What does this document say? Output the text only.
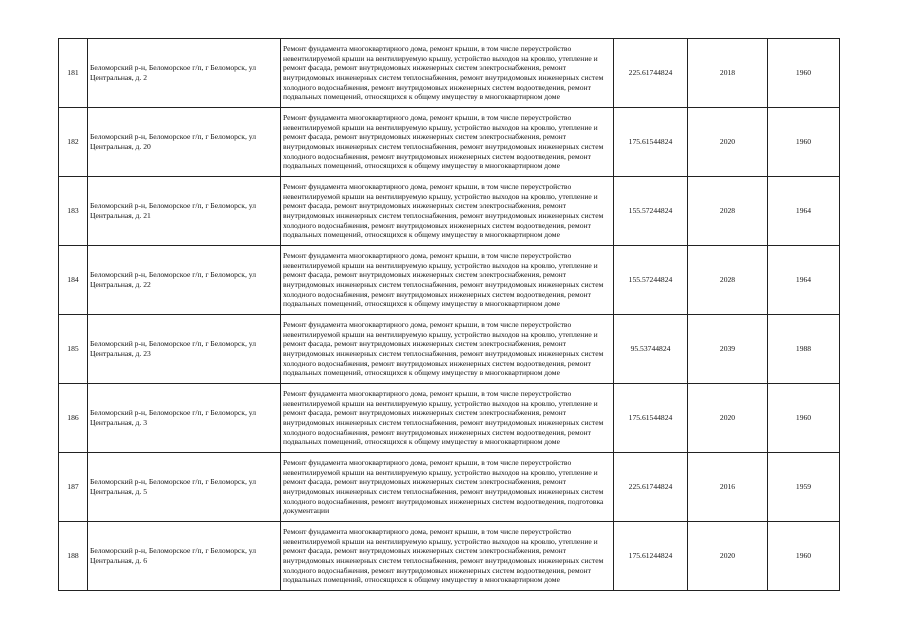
181	Беломорский р-н, Беломорское г/п, г Беломорск, ул Центральная, д. 2	Ремонт фундамента многоквартирного дома, ремонт крыши, в том числе переустройство невентилируемой крыши на вентилируемую крышу, устройство выходов на кровлю, утепление и ремонт фасада, ремонт внутридомовых инженерных систем электроснабжения, ремонт внутридомовых инженерных систем теплоснабжения, ремонт внутридомовых инженерных систем холодного водоснабжения, ремонт внутридомовых инженерных систем водоотведения, ремонт подвальных помещений, относящихся к общему имуществу в многоквартирном доме	225.61744824	2018	1960
182	Беломорский р-н, Беломорское г/п, г Беломорск, ул Центральная, д. 20	Ремонт фундамента многоквартирного дома, ремонт крыши, в том числе переустройство невентилируемой крыши на вентилируемую крышу, устройство выходов на кровлю, утепление и ремонт фасада, ремонт внутридомовых инженерных систем электроснабжения, ремонт внутридомовых инженерных систем теплоснабжения, ремонт внутридомовых инженерных систем холодного водоснабжения, ремонт внутридомовых инженерных систем водоотведения, ремонт подвальных помещений, относящихся к общему имуществу в многоквартирном доме	175.61544824	2020	1960
183	Беломорский р-н, Беломорское г/п, г Беломорск, ул Центральная, д. 21	Ремонт фундамента многоквартирного дома, ремонт крыши, в том числе переустройство невентилируемой крыши на вентилируемую крышу, устройство выходов на кровлю, утепление и ремонт фасада, ремонт внутридомовых инженерных систем электроснабжения, ремонт внутридомовых инженерных систем теплоснабжения, ремонт внутридомовых инженерных систем холодного водоснабжения, ремонт внутридомовых инженерных систем водоотведения, ремонт подвальных помещений, относящихся к общему имуществу в многоквартирном доме	155.57244824	2028	1964
184	Беломорский р-н, Беломорское г/п, г Беломорск, ул Центральная, д. 22	Ремонт фундамента многоквартирного дома, ремонт крыши, в том числе переустройство невентилируемой крыши на вентилируемую крышу, устройство выходов на кровлю, утепление и ремонт фасада, ремонт внутридомовых инженерных систем электроснабжения, ремонт внутридомовых инженерных систем теплоснабжения, ремонт внутридомовых инженерных систем холодного водоснабжения, ремонт внутридомовых инженерных систем водоотведения, ремонт подвальных помещений, относящихся к общему имуществу в многоквартирном доме	155.57244824	2028	1964
185	Беломорский р-н, Беломорское г/п, г Беломорск, ул Центральная, д. 23	Ремонт фундамента многоквартирного дома, ремонт крыши, в том числе переустройство невентилируемой крыши на вентилируемую крышу, устройство выходов на кровлю, утепление и ремонт фасада, ремонт внутридомовых инженерных систем электроснабжения, ремонт внутридомовых инженерных систем теплоснабжения, ремонт внутридомовых инженерных систем холодного водоснабжения, ремонт внутридомовых инженерных систем водоотведения, ремонт подвальных помещений, относящихся к общему имуществу в многоквартирном доме	95.53744824	2039	1988
186	Беломорский р-н, Беломорское г/п, г Беломорск, ул Центральная, д. 3	Ремонт фундамента многоквартирного дома, ремонт крыши, в том числе переустройство невентилируемой крыши на вентилируемую крышу, устройство выходов на кровлю, утепление и ремонт фасада, ремонт внутридомовых инженерных систем электроснабжения, ремонт внутридомовых инженерных систем теплоснабжения, ремонт внутридомовых инженерных систем холодного водоснабжения, ремонт внутридомовых инженерных систем водоотведения, ремонт подвальных помещений, относящихся к общему имуществу в многоквартирном доме	175.61544824	2020	1960
187	Беломорский р-н, Беломорское г/п, г Беломорск, ул Центральная, д. 5	Ремонт фундамента многоквартирного дома, ремонт крыши, в том числе переустройство невентилируемой крыши на вентилируемую крышу, устройство выходов на кровлю, утепление и ремонт фасада, ремонт внутридомовых инженерных систем электроснабжения, ремонт внутридомовых инженерных систем теплоснабжения, ремонт внутридомовых инженерных систем холодного водоснабжения, ремонт внутридомовых инженерных систем водоотведения, подготовка документации	225.61744824	2016	1959
188	Беломорский р-н, Беломорское г/п, г Беломорск, ул Центральная, д. 6	Ремонт фундамента многоквартирного дома, ремонт крыши, в том числе переустройство невентилируемой крыши на вентилируемую крышу, устройство выходов на кровлю, утепление и ремонт фасада, ремонт внутридомовых инженерных систем электроснабжения, ремонт внутридомовых инженерных систем теплоснабжения, ремонт внутридомовых инженерных систем холодного водоснабжения, ремонт внутридомовых инженерных систем водоотведения, ремонт подвальных помещений, относящихся к общему имуществу в многоквартирном доме	175.61244824	2020	1960
